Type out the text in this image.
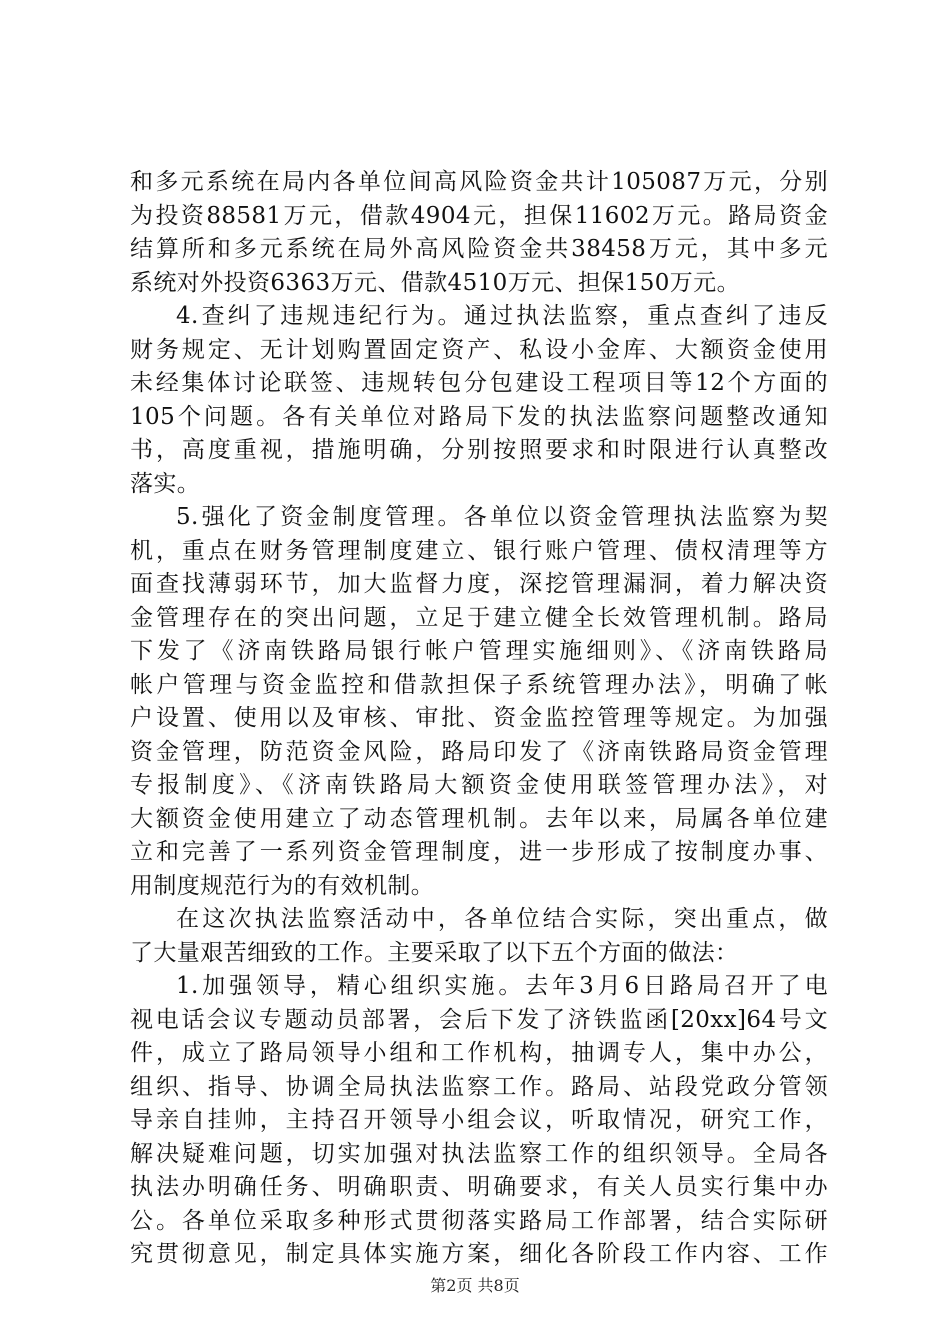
和多元系统在局内各单位间高风险资金共计105087万元，分别
为投资88581万元，借款4904元，担保11602万元。路局资金
结算所和多元系统在局外高风险资金共38458万元，其中多元
系统对外投资6363万元、借款4510万元、担保150万元。
4.查纠了违规违纪行为。通过执法监察，重点查纠了违反
财务规定、无计划购置固定资产、私设小金库、大额资金使用
未经集体讨论联签、违规转包分包建设工程项目等12个方面的
105个问题。各有关单位对路局下发的执法监察问题整改通知
书，高度重视，措施明确，分别按照要求和时限进行认真整改
落实。
5.强化了资金制度管理。各单位以资金管理执法监察为契
机，重点在财务管理制度建立、银行账户管理、债权清理等方
面查找薄弱环节，加大监督力度，深挖管理漏洞，着力解决资
金管理存在的突出问题，立足于建立健全长效管理机制。路局
下发了《济南铁路局银行帐户管理实施细则》、《济南铁路局
帐户管理与资金监控和借款担保子系统管理办法》，明确了帐
户设置、使用以及审核、审批、资金监控管理等规定。为加强
资金管理，防范资金风险，路局印发了《济南铁路局资金管理
专报制度》、《济南铁路局大额资金使用联签管理办法》，对
大额资金使用建立了动态管理机制。去年以来，局属各单位建
立和完善了一系列资金管理制度，进一步形成了按制度办事、
用制度规范行为的有效机制。
在这次执法监察活动中，各单位结合实际，突出重点，做
了大量艰苦细致的工作。主要采取了以下五个方面的做法：
1.加强领导，精心组织实施。去年3月6日路局召开了电
视电话会议专题动员部署，会后下发了济铁监函[20xx]64号文
件，成立了路局领导小组和工作机构，抽调专人，集中办公，
组织、指导、协调全局执法监察工作。路局、站段党政分管领
导亲自挂帅，主持召开领导小组会议，听取情况，研究工作，
解决疑难问题，切实加强对执法监察工作的组织领导。全局各
执法办明确任务、明确职责、明确要求，有关人员实行集中办
公。各单位采取多种形式贯彻落实路局工作部署，结合实际研
究贯彻意见，制定具体实施方案，细化各阶段工作内容、工作
第2页 共8页
